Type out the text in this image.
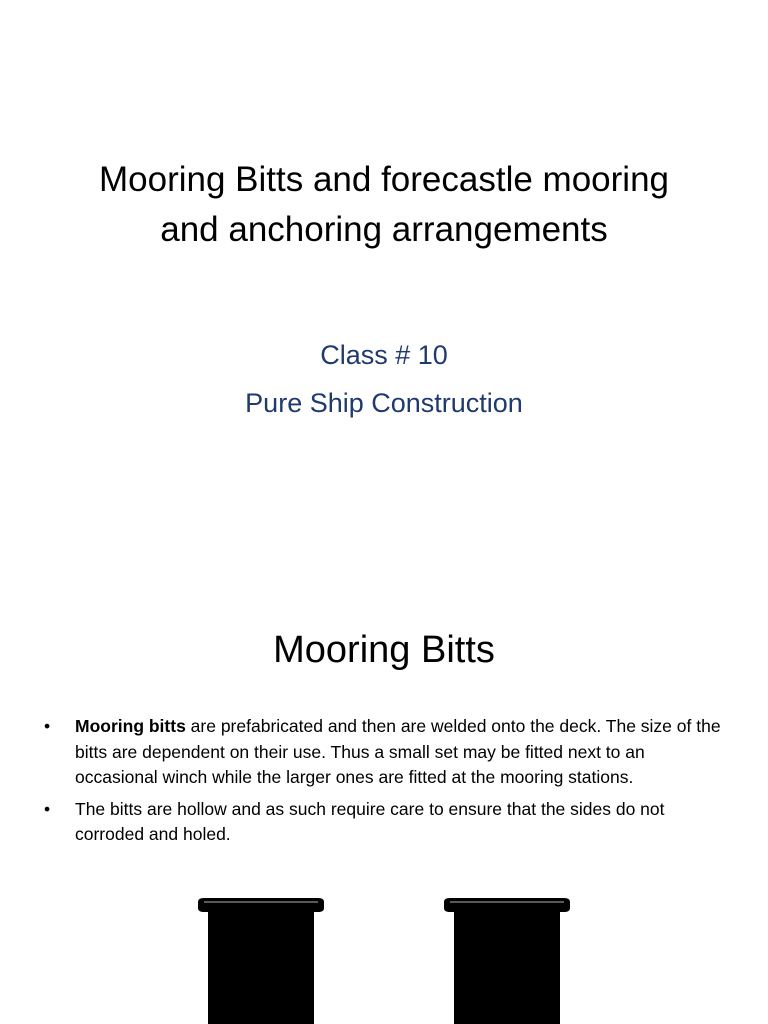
Mooring Bitts and forecastle mooring and anchoring arrangements
Class # 10
Pure Ship Construction
Mooring Bitts
• Mooring bitts are prefabricated and then are welded onto the deck. The size of the bitts are dependent on their use. Thus a small set may be fitted next to an occasional winch while the larger ones are fitted at the mooring stations.
• The bitts are hollow and as such require care to ensure that the sides do not corroded and holed.
